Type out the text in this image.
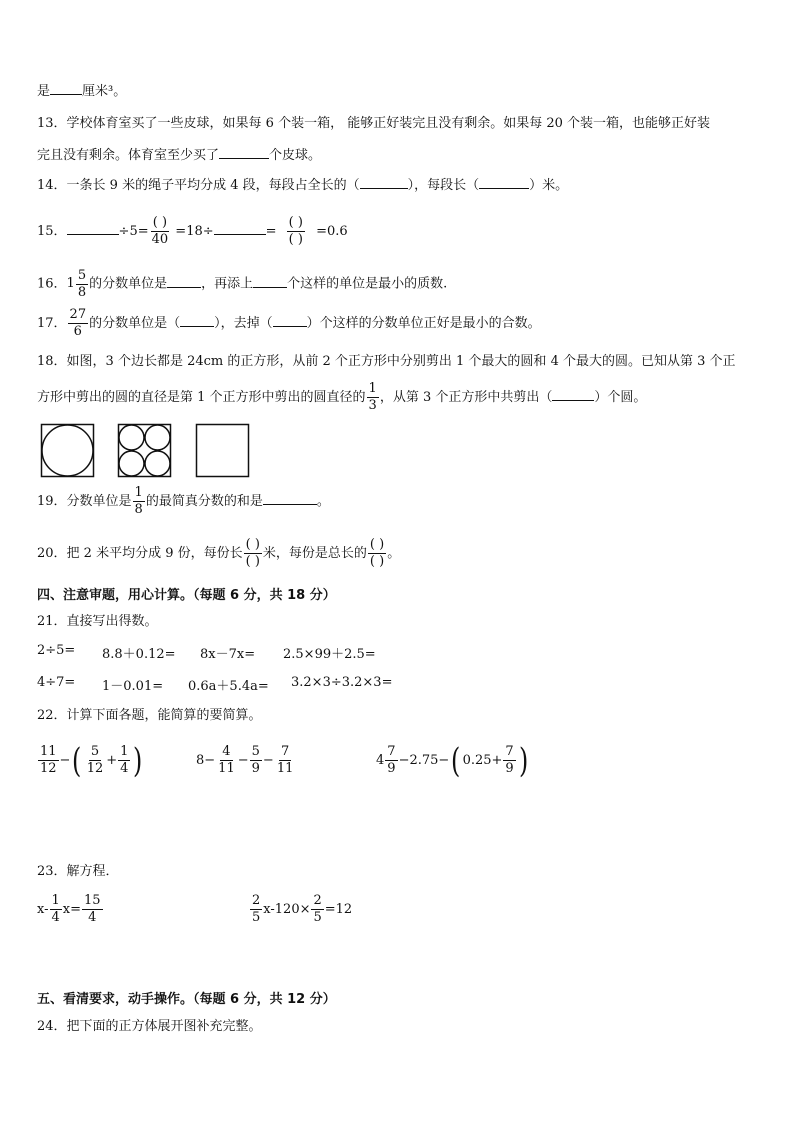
是 厘米³。
13．学校体育室买了一些皮球，如果每 6 个装一箱， 能够正好装完且没有剩余。如果每 20 个装一箱，也能够正好装
完且没有剩余。体育室至少买了	个皮球。
14．一条长 9 米的绳子平均分成 4 段，每段占全长的（	），每段长（	）米。
15．	$\div 5= \frac{( )}{40} =18\div$	= $\frac{( )}{( )} =0.6$
16． $1 \frac{5}{8}$ 的分数单位是	，再添上	个这样的单位是最小的质数.
17． $\frac{27}{6}$ 的分数单位是（	），去掉（	）个这样的分数单位正好是最小的合数。
18．如图，3 个边长都是 24cm 的正方形，从前 2 个正方形中分别剪出 1 个最大的圆和 4 个最大的圆。已知从第 3 个正
方形中剪出的圆的直径是第 1 个正方形中剪出的圆直径的 $\frac{1}{3}$ ，从第 3 个正方形中共剪出（	）个圆。
19．分数单位是 $\frac{1}{8}$ 的最简真分数的和是	。
20．把 2 米平均分成 9 份，每份长 $\frac{( )}{( )}$ 米，每份是总长的 $\frac{( )}{( )}$ 。
四、注意审题，用心计算。（每题 6 分，共 18 分）
21．直接写出得数。
2÷5= 8.8＋0.12= 8x－7x= 2.5×99＋2.5=
4÷7= 1－0.01= 0.6a＋5.4a= 3.2×3÷3.2×3=
22．计算下面各题，能简算的要简算。
$\frac{11}{12}$ −( $\frac{5}{12} + \frac{1}{4}$ )	$8- \frac{4}{11} - \frac{5}{9} - \frac{7}{11}$	$4 \frac{7}{9} -2.75-$( $0.25+ \frac{7}{9}$ )
23．解方程．
$x- \frac{1}{4} x= \frac{15}{4}$	$\frac{2}{5} x-120\times \frac{2}{5} =12$
五、看清要求，动手操作。（每题 6 分，共 12 分）
24．把下面的正方体展开图补充完整。
